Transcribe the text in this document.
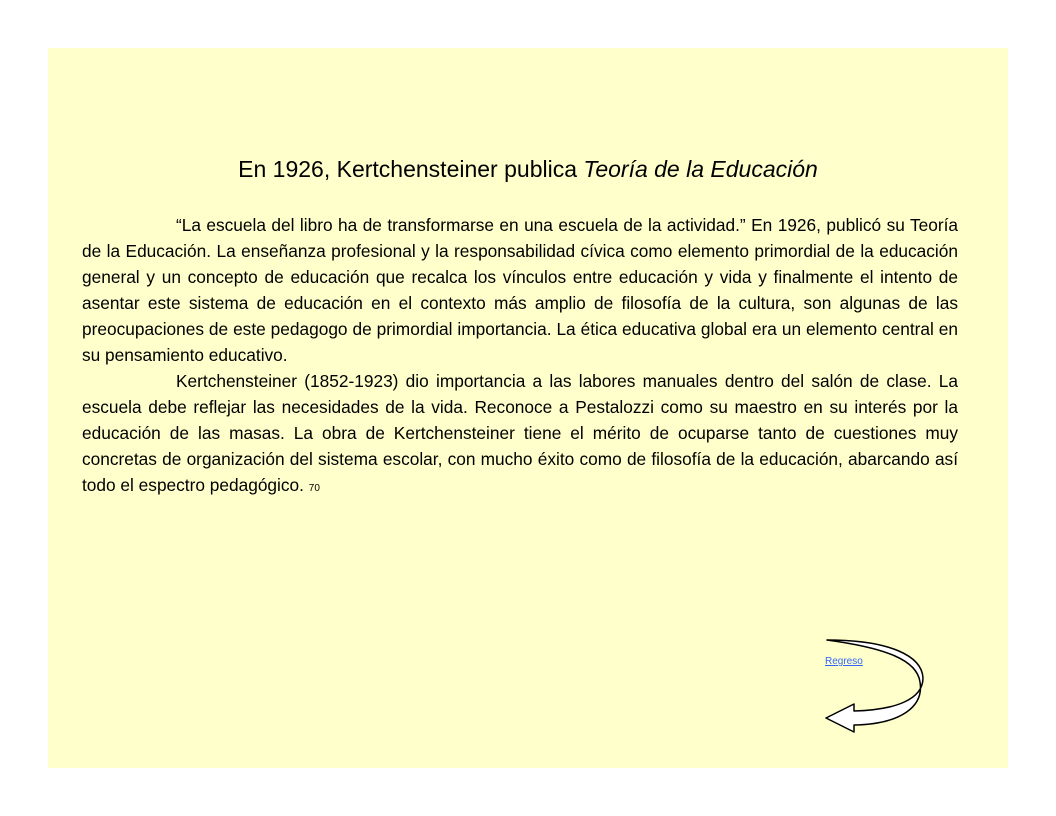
En 1926, Kertchensteiner publica Teoría de la Educación

“La escuela del libro ha de transformarse en una escuela de la actividad.” En 1926, publicó su Teoría de la Educación. La enseñanza profesional y la responsabilidad cívica como elemento primordial de la educación general y un concepto de educación que recalca los vínculos entre educación y vida y finalmente el intento de asentar este sistema de educación en el contexto más amplio de filosofía de la cultura, son algunas de las preocupaciones de este pedagogo de primordial importancia. La ética educativa global era un elemento central en su pensamiento educativo.

Kertchensteiner (1852-1923) dio importancia a las labores manuales dentro del salón de clase. La escuela debe reflejar las necesidades de la vida. Reconoce a Pestalozzi como su maestro en su interés por la educación de las masas. La obra de Kertchensteiner tiene el mérito de ocuparse tanto de cuestiones muy concretas de organización del sistema escolar, con mucho éxito como de filosofía de la educación, abarcando así todo el espectro pedagógico. 70

Regreso
